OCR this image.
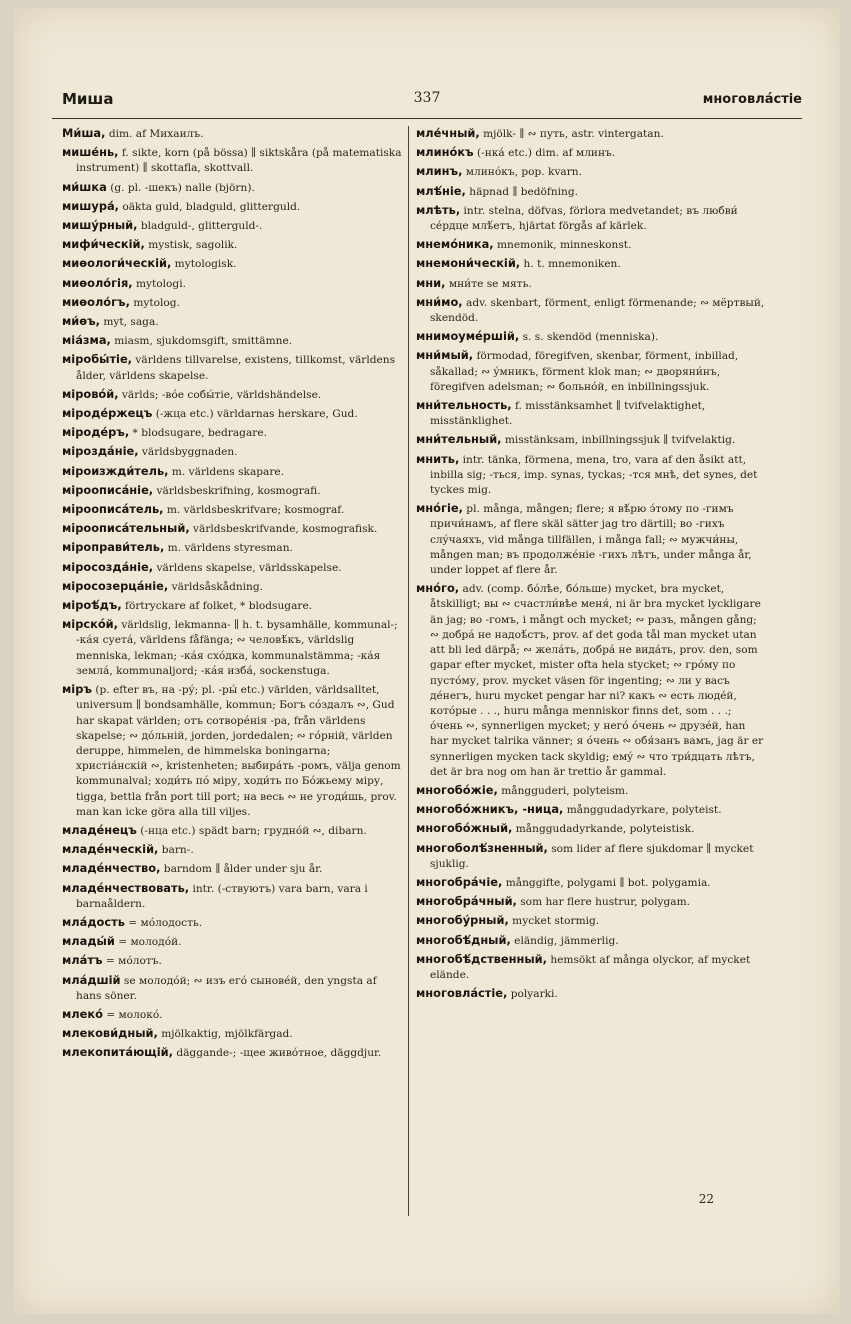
Миша	337	многовлáстіе
Ми́ша, dim. af Михаилъ.
мише́нь, f. sikte, korn (på bössa) ∥ siktskåra (på matematiska instrument) ∥ skottafla, skottvall.
ми́шка (g. pl. -шекъ) nalle (björn).
мишура́, oäkta guld, bladguld, glitterguld.
мишу́рный, bladguld-, glitterguld-.
мифи́ческій, mystisk, sagolik.
миѳологи́ческій, mytologisk.
миѳоло́гія, mytologi.
миѳоло́гъ, mytolog.
ми́ѳъ, myt, saga.
міа́зма, miasm, sjukdomsgift, smittämne.
міробы́тіе, världens tillvarelse, existens, tillkomst, världens ålder, världens skapelse.
міровóй, världs; -вóе собы́тіе, världshändelse.
міроде́ржецъ (-жца etc.) världarnas herskare, Gud.
міроде́ръ, * blodsugare, bedragare.
міроздáніе, världsbyggnaden.
міроизжди́тель, m. världens skapare.
міроописáніе, världsbeskrifning, kosmografi.
мiроописáтель, m. världsbeskrifvare; kosmograf.
мiроописáтельный, världsbeskrifvande, kosmografisk.
міроправи́тель, m. världens styresman.
міросоздáніе, världens skapelse, världsskapelse.
міросозерцáніе, världsåskådning.
міроѣ́дъ, förtryckare af folket, * blodsugare.
мірскóй, världslig, lekmanna- ∥ h. t. bysamhälle, kommunal-; -кáя суетá, världens fåfänga; ∾ человѣ́къ, världslig menniska, lekman; -кáя схóдка, kommunalstämma; -кáя землá, kommunaljord; -кáя избá, sockenstuga.
міръ (p. efter въ, на -рý; pl. -ры́ etc.) världen, världsalltet, universum ∥ bondsamhälle, kommun; Богъ сóздалъ ∾, Gud har skapat världen; отъ сотворéнія -ра, från världens skapelse; ∾ дóльній, jorden, jordedalen; ∾ гóрній, världen deruppe, himmelen, de himmelska boningarna; христiáнскій ∾, kristenheten; выбирáть -ромъ, välja genom kommunalval; ходи́ть пó міру, ходи́ть по Бóжьему міру, tigga, bettla från port till port; на весь ∾ не угоди́шь, prov. man kan icke göra alla till viljes.
младéнецъ (-нца etc.) spädt barn; груднóй ∾, dibarn.
младéнческій, barn-.
младéнчество, barndom ∥ ålder under sju år.
младéнчествовать, intr. (-ствуютъ) vara barn, vara i barnaåldern.
млáдость = мóлодость.
млады́й = молодóй.
млáтъ = мóлотъ.
млáдшій se молодóй; ∾ изъ егó сыновéй, den yngsta af hans söner.
млекó = молокó.
млекови́дный, mjölkaktig, mjölkfärgad.
млекопитáющій, däggande-; -щее живóтное, däggdjur.
мле́чный, mjölk- ∥ ∾ путь, astr. vintergatan.
млинóкъ (-нкá etc.) dim. af млинъ.
млинъ, млинóкъ, pop. kvarn.
млѣ́ніе, häpnad ∥ bedöfning.
млѣть, intr. stelna, döfvas, förlora medvetandet; въ любви́ сéрдце млѣ́етъ, hjärtat förgås af kärlek.
мнемóника, mnemonik, minneskonst.
мнемони́ческій, h. t. mnemoniken.
мни, мни́те se мять.
мни́мо, adv. skenbart, förment, enligt förmenande; ∾ мёртвый, skendöd.
мнимоумéршій, s. s. skendöd (menniska).
мни́мый, förmodad, föregifven, skenbar, förment, inbillad, såkallad; ∾ ýмникъ, förment klok man; ∾ дворяни́нъ, föregifven adelsman; ∾ больнóй, en inbillningssjuk.
мни́тельность, f. misstänksamhet ∥ tvifvelaktighet, misstänklighet.
мни́тельный, misstänksam, inbillningssjuk ∥ tvifvelaktig.
мнить, intr. tänka, förmena, mena, tro, vara af den åsikt att, inbilla sig; -ться, imp. synas, tyckas; -тся мнѣ, det synes, det tyckes mig.
мнóгіе, pl. många, mången; flere; я вѣ́рю э́тому по -гимъ причи́намъ, af flere skäl sätter jag tro därtill; во -гихъ слýчаяхъ, vid många tillfällen, i många fall; ∾ мужчи́ны, mången man; въ продолжéніе -гихъ лѣтъ, under många år, under loppet af flere år.
мнóго, adv. (comp. бóлѣе, бóльше) mycket, bra mycket, åtskilligt; вы ∾ счастли́вѣе меня́, ni är bra mycket lyckligare än jag; во -гомъ, i mångt och mycket; ∾ разъ, mången gång; ∾ добрá не надоѣ́стъ, prov. af det goda tål man mycket utan att bli led därpå; ∾ желáть, добрá не видáть, prov. den, som gapar efter mycket, mister ofta hela stycket; ∾ грóму по пустóму, prov. mycket väsen för ingenting; ∾ ли у васъ дéнегъ, huru mycket pengar har ni? какъ ∾ есть людéй, котóрые . . ., huru många menniskor finns det, som . . .; óчень ∾, synnerligen mycket; у негó óчень ∾ друзéй, han har mycket talrika vänner; я óчень ∾ обя́занъ вамъ, jag är er synnerligen mycken tack skyldig; емý ∾ что три́дцать лѣтъ, det är bra nog om han är trettio år gammal.
многобóжіе, mångguderi, polyteism.
многобóжникъ, -ница, månggudadyrkare, polyteist.
многобóжный, månggudadyrkande, polyteistisk.
многоболѣ́зненный, som lider af flere sjukdomar ∥ mycket sjuklig.
многобрáчіе, månggifte, polygami ∥ bot. polygamia.
многобрáчный, som har flere hustrur, polygam.
многобýрный, mycket stormig.
многобѣ́дный, eländig, jämmerlig.
многобѣ́дственный, hemsökt af många olyckor, af mycket elände.
многовлáстіе, polyarki.
22
